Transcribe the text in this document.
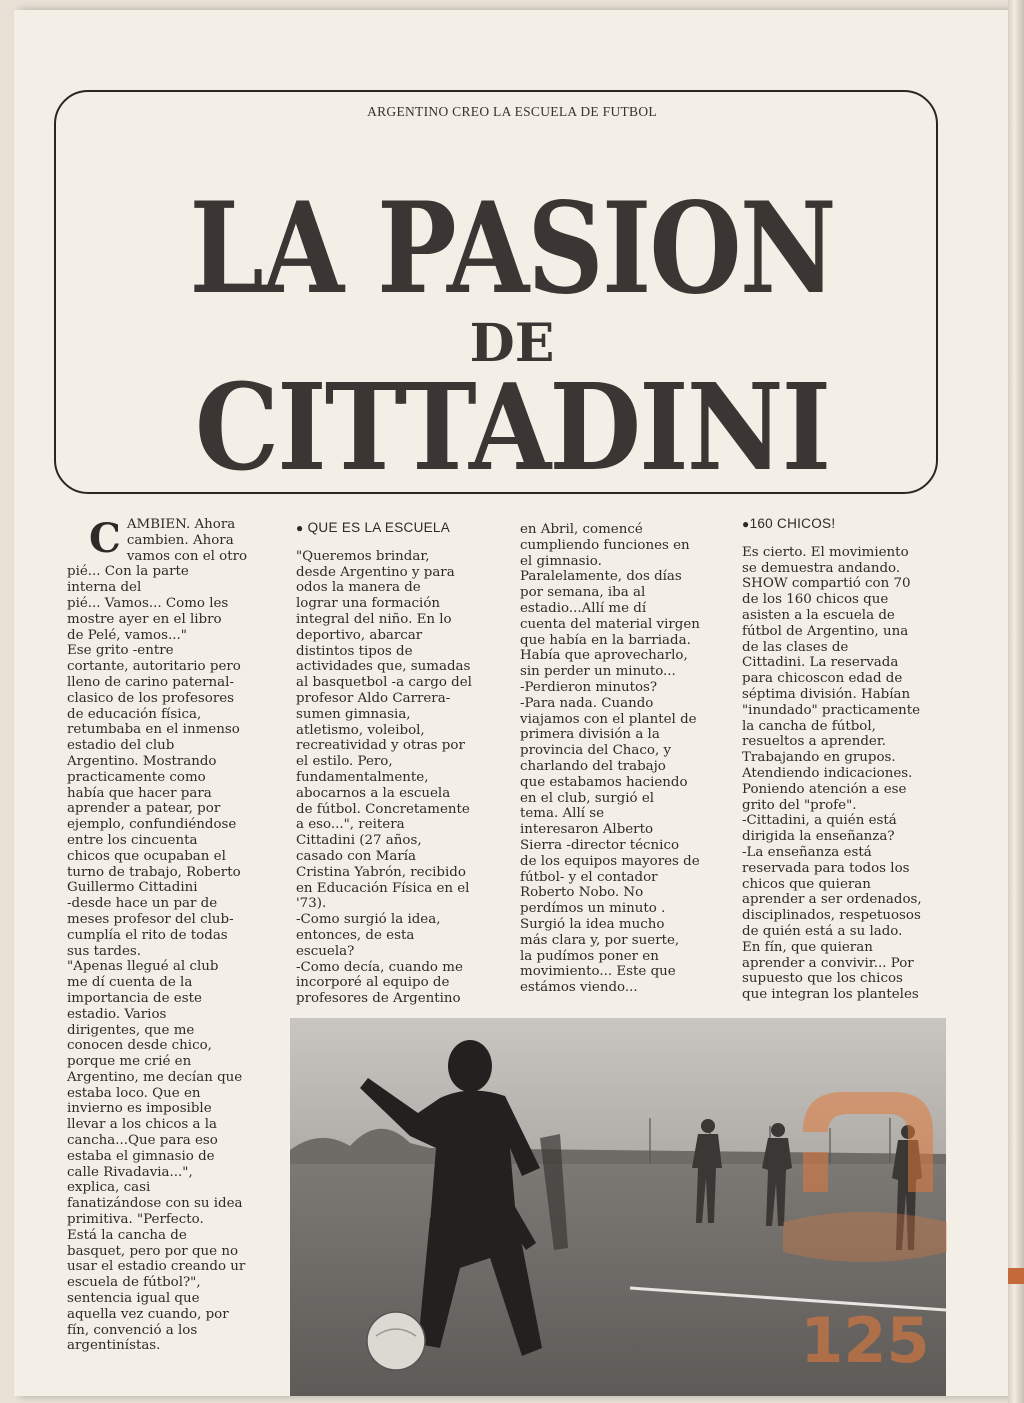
ARGENTINO CREO LA ESCUELA DE FUTBOL
LA PASION
DE
CITTADINI
CAMBIEN. Ahora
cambien. Ahora
vamos con el otro
pié... Con la parte
interna del
pié... Vamos... Como les
mostre ayer en el libro
de Pelé, vamos..."
Ese grito -entre
cortante, autoritario pero
lleno de carino paternal-
clasico de los profesores
de educación física,
retumbaba en el inmenso
estadio del club
Argentino. Mostrando
practicamente como
había que hacer para
aprender a patear, por
ejemplo, confundiéndose
entre los cincuenta
chicos que ocupaban el
turno de trabajo, Roberto
Guillermo Cittadini
-desde hace un par de
meses profesor del club-
cumplía el rito de todas
sus tardes.
"Apenas llegué al club
me dí cuenta de la
importancia de este
estadio. Varios
dirigentes, que me
conocen desde chico,
porque me crié en
Argentino, me decían que
estaba loco. Que en
invierno es imposible
llevar a los chicos a la
cancha...Que para eso
estaba el gimnasio de
calle Rivadavia...",
explica, casi
fanatizándose con su idea
primitiva. "Perfecto.
Está la cancha de
basquet, pero por que no
usar el estadio creando ur
escuela de fútbol?",
sentencia igual que
aquella vez cuando, por
fín, convenció a los
argentinístas.
● QUE ES LA ESCUELA
"Queremos brindar,
desde Argentino y para
odos la manera de
lograr una formación
integral del niño. En lo
deportivo, abarcar
distintos tipos de
actividades que, sumadas
al basquetbol -a cargo del
profesor Aldo Carrera-
sumen gimnasia,
atletismo, voleibol,
recreatividad y otras por
el estilo. Pero,
fundamentalmente,
abocarnos a la escuela
de fútbol. Concretamente
a eso...", reitera
Cittadini (27 años,
casado con María
Cristina Yabrón, recibido
en Educación Física en el
'73).
-Como surgió la idea,
entonces, de esta
escuela?
-Como decía, cuando me
incorporé al equipo de
profesores de Argentino
en Abril, comencé
cumpliendo funciones en
el gimnasio.
Paralelamente, dos días
por semana, iba al
estadio...Allí me dí
cuenta del material virgen
que había en la barriada.
Había que aprovecharlo,
sin perder un minuto...
-Perdieron minutos?
-Para nada. Cuando
viajamos con el plantel de
primera división a la
provincia del Chaco, y
charlando del trabajo
que estabamos haciendo
en el club, surgió el
tema. Allí se
interesaron Alberto
Sierra -director técnico
de los equipos mayores de
fútbol- y el contador
Roberto Nobo. No
perdímos un minuto .
Surgió la idea mucho
más clara y, por suerte,
la pudímos poner en
movimiento... Este que
estámos viendo...
●160 CHICOS!
Es cierto. El movimiento
se demuestra andando.
SHOW compartió con 70
de los 160 chicos que
asisten a la escuela de
fútbol de Argentino, una
de las clases de
Cittadini. La reservada
para chicoscon edad de
séptima división. Habían
"inundado" practicamente
la cancha de fútbol,
resueltos a aprender.
Trabajando en grupos.
Atendiendo indicaciones.
Poniendo atención a ese
grito del "profe".
-Cittadini, a quién está
dirigida la enseñanza?
-La enseñanza está
reservada para todos los
chicos que quieran
aprender a ser ordenados,
disciplinados, respetuosos
de quién está a su lado.
En fín, que quieran
aprender a convivir... Por
supuesto que los chicos
que integran los planteles
125
